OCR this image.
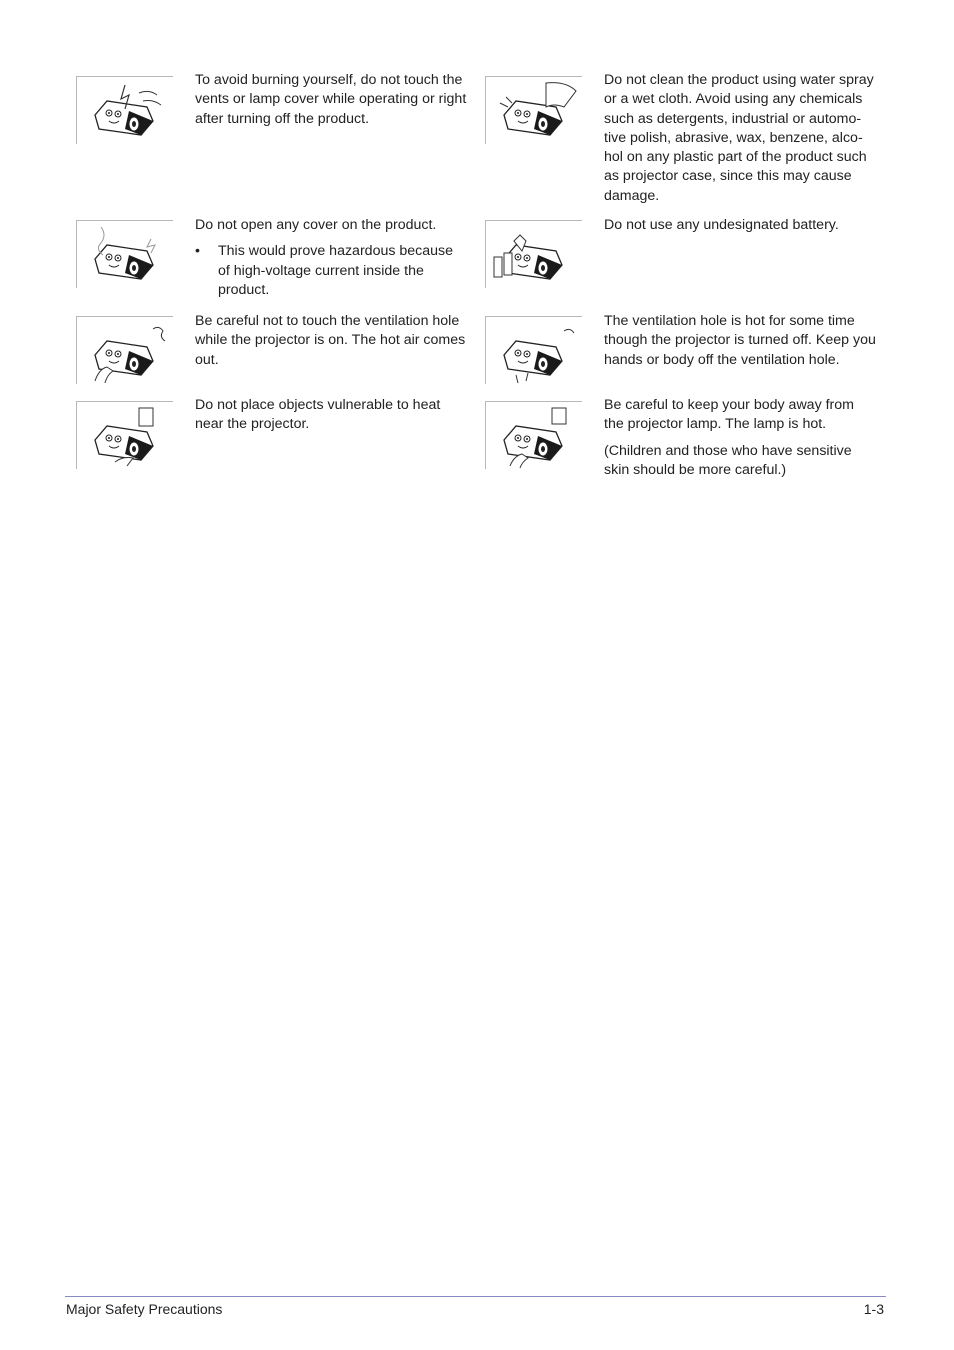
To avoid burning yourself, do not touch the vents or lamp cover while operating or right after turning off the product.

Do not clean the product using water spray or a wet cloth. Avoid using any chemicals such as detergents, industrial or automo-tive polish, abrasive, wax, benzene, alco-hol on any plastic part of the product such as projector case, since this may cause damage.

Do not open any cover on the product.

• This would prove hazardous because of high-voltage current inside the product.

Do not use any undesignated battery.

Be careful not to touch the ventilation hole while the projector is on. The hot air comes out.

The ventilation hole is hot for some time though the projector is turned off. Keep you hands or body off the ventilation hole.

Do not place objects vulnerable to heat near the projector.

Be careful to keep your body away from the projector lamp. The lamp is hot.

(Children and those who have sensitive skin should be more careful.)

Major Safety Precautions	1-3
